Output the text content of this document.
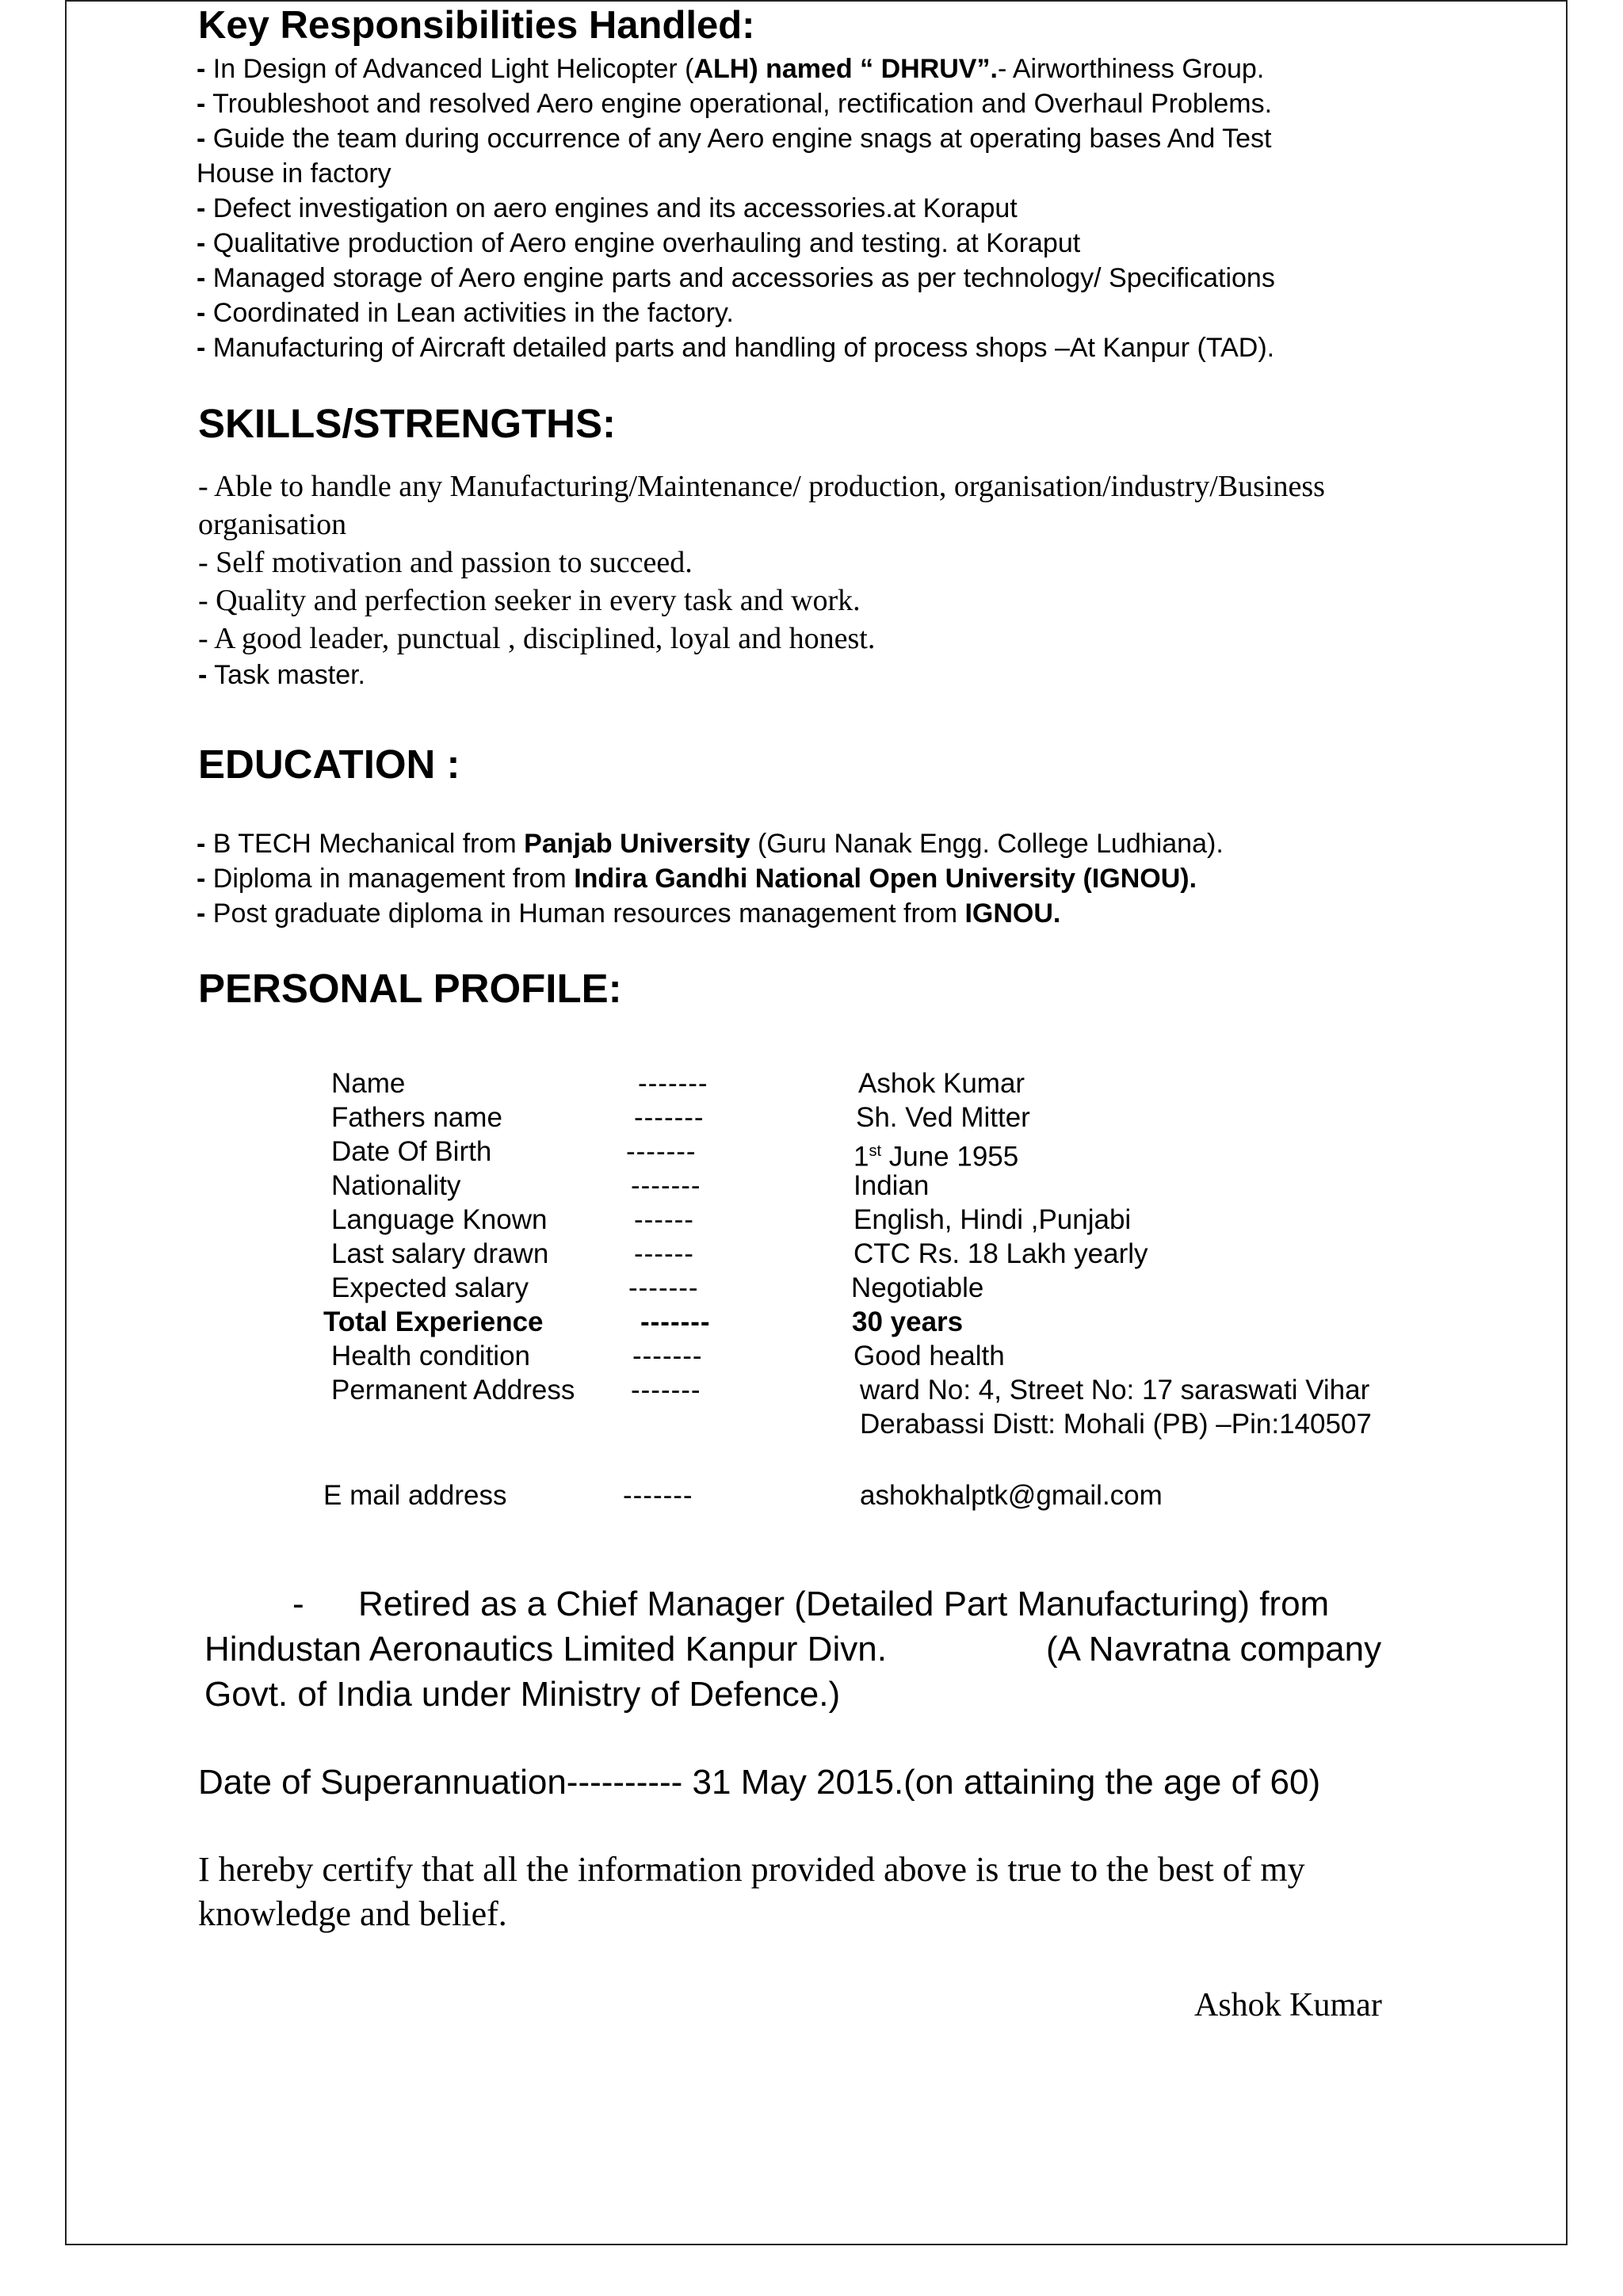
Key Responsibilities Handled:
- In Design of Advanced Light Helicopter (ALH) named “ DHRUV”.- Airworthiness Group.
- Troubleshoot and resolved Aero engine operational, rectification and Overhaul Problems.
- Guide the team during occurrence of any Aero engine snags at operating bases And Test
House in factory
- Defect investigation on aero engines and its accessories.at Koraput
- Qualitative production of Aero engine overhauling and testing. at Koraput
- Managed storage of Aero engine parts and accessories as per technology/ Specifications
- Coordinated in Lean activities in the factory.
- Manufacturing of Aircraft detailed parts and handling of process shops –At Kanpur (TAD).
SKILLS/STRENGTHS:
- Able to handle any Manufacturing/Maintenance/ production, organisation/industry/Business
organisation
- Self motivation and passion to succeed.
- Quality and perfection seeker in every task and work.
- A good leader, punctual , disciplined, loyal and honest.
- Task master.
EDUCATION :
- B TECH Mechanical from Panjab University (Guru Nanak Engg. College Ludhiana).
- Diploma in management from Indira Gandhi National Open University (IGNOU).
- Post graduate diploma in Human resources management from IGNOU.
PERSONAL PROFILE:
Name	-------	Ashok Kumar
Fathers name	-------	Sh. Ved Mitter
Date Of Birth	-------	1st June 1955
Nationality	-------	Indian
Language Known	------	English, Hindi ,Punjabi
Last salary drawn	------	CTC Rs. 18 Lakh yearly
Expected salary	-------	Negotiable
Total Experience	-------	30 years
Health condition	-------	Good health
Permanent Address -------	ward No: 4, Street No: 17 saraswati Vihar
Derabassi Distt: Mohali (PB) –Pin:140507
E mail address	-------	ashokhalptk@gmail.com
- Retired as a Chief Manager (Detailed Part Manufacturing) from
Hindustan Aeronautics Limited Kanpur Divn.	(A Navratna company
Govt. of India under Ministry of Defence.)
Date of Superannuation---------- 31 May 2015.(on attaining the age of 60)
I hereby certify that all the information provided above is true to the best of my
knowledge and belief.
Ashok Kumar
